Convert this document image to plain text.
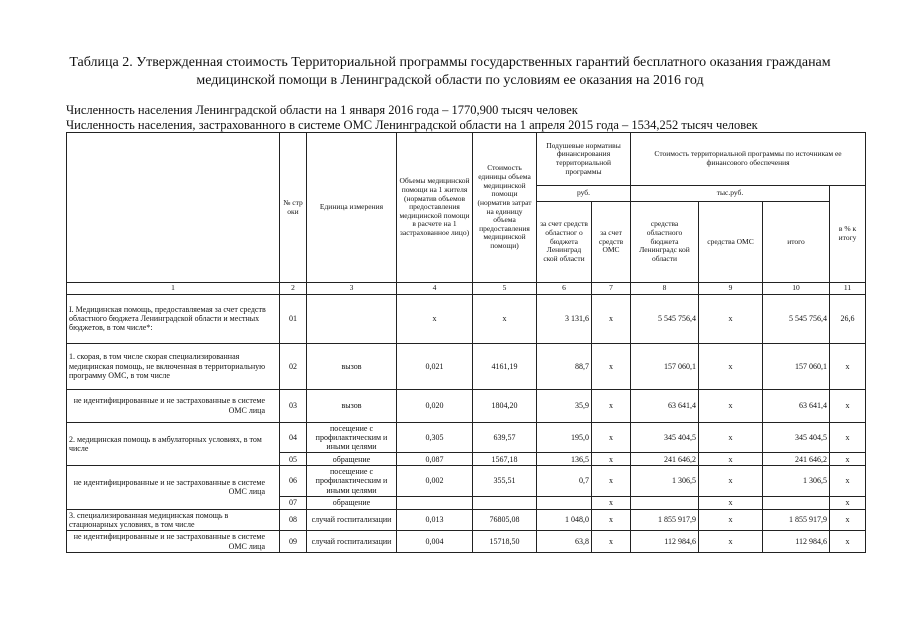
Таблица 2. Утвержденная стоимость Территориальной программы государственных гарантий бесплатного оказания гражданам медицинской помощи в Ленинградской области по условиям ее оказания на 2016 год
Численность населения Ленинградской области на 1 января 2016 года – 1770,900 тысяч человек
Численность населения, застрахованного в системе ОМС Ленинградской области на 1 апреля 2015 года – 1534,252 тысяч человек
	№ стр оки	Единица измерения	Объемы медицинской помощи на 1 жителя (норматив объемов предоставления медицинской помощи в расчете на 1 застрахованное лицо)	Стоимость единицы объема медицинской помощи (норматив затрат на единицу объема предоставления медицинской помощи)	Подушевые нормативы финансирования территориальной программы		Стоимость территориальной программы по источникам ее финансового обеспечения			
					руб.		тыс.руб.			в % к итогу
					за счет средств областног о бюджета Ленинград ской области	за счет средств ОМС	средства областного бюджета Ленинградс кой области	средства ОМС	итого	
1	2	3	4	5	6	7	8	9	10	11
I. Медицинская помощь, предоставляемая за счет средств областного бюджета Ленинградской области и местных бюджетов, в том числе*:	01		x	x	3 131,6	x	5 545 756,4	x	5 545 756,4	26,6
1. скорая, в том числе скорая специализированная медицинская помощь, не включенная в территориальную программу ОМС, в том числе	02	вызов	0,021	4161,19	88,7	x	157 060,1	x	157 060,1	x
не идентифицированные и не застрахованные в системе ОМС лица	03	вызов	0,020	1804,20	35,9	x	63 641,4	x	63 641,4	x
2. медицинская помощь в амбулаторных условиях, в том числе	04	посещение с профилактическим и иными целями	0,305	639,57	195,0	x	345 404,5	x	345 404,5	x
	05	обращение	0,087	1567,18	136,5	x	241 646,2	x	241 646,2	x
не идентифицированные и не застрахованные в системе ОМС лица	06	посещение с профилактическим и иными целями	0,002	355,51	0,7	x	1 306,5	x	1 306,5	x
	07	обращение				x		x		x
3. специализированная медицинская помощь в стационарных условиях, в том числе	08	случай госпитализации	0,013	76805,08	1 048,0	x	1 855 917,9	x	1 855 917,9	x
не идентифицированные и не застрахованные в системе ОМС лица	09	случай госпитализации	0,004	15718,50	63,8	x	112 984,6	x	112 984,6	x
